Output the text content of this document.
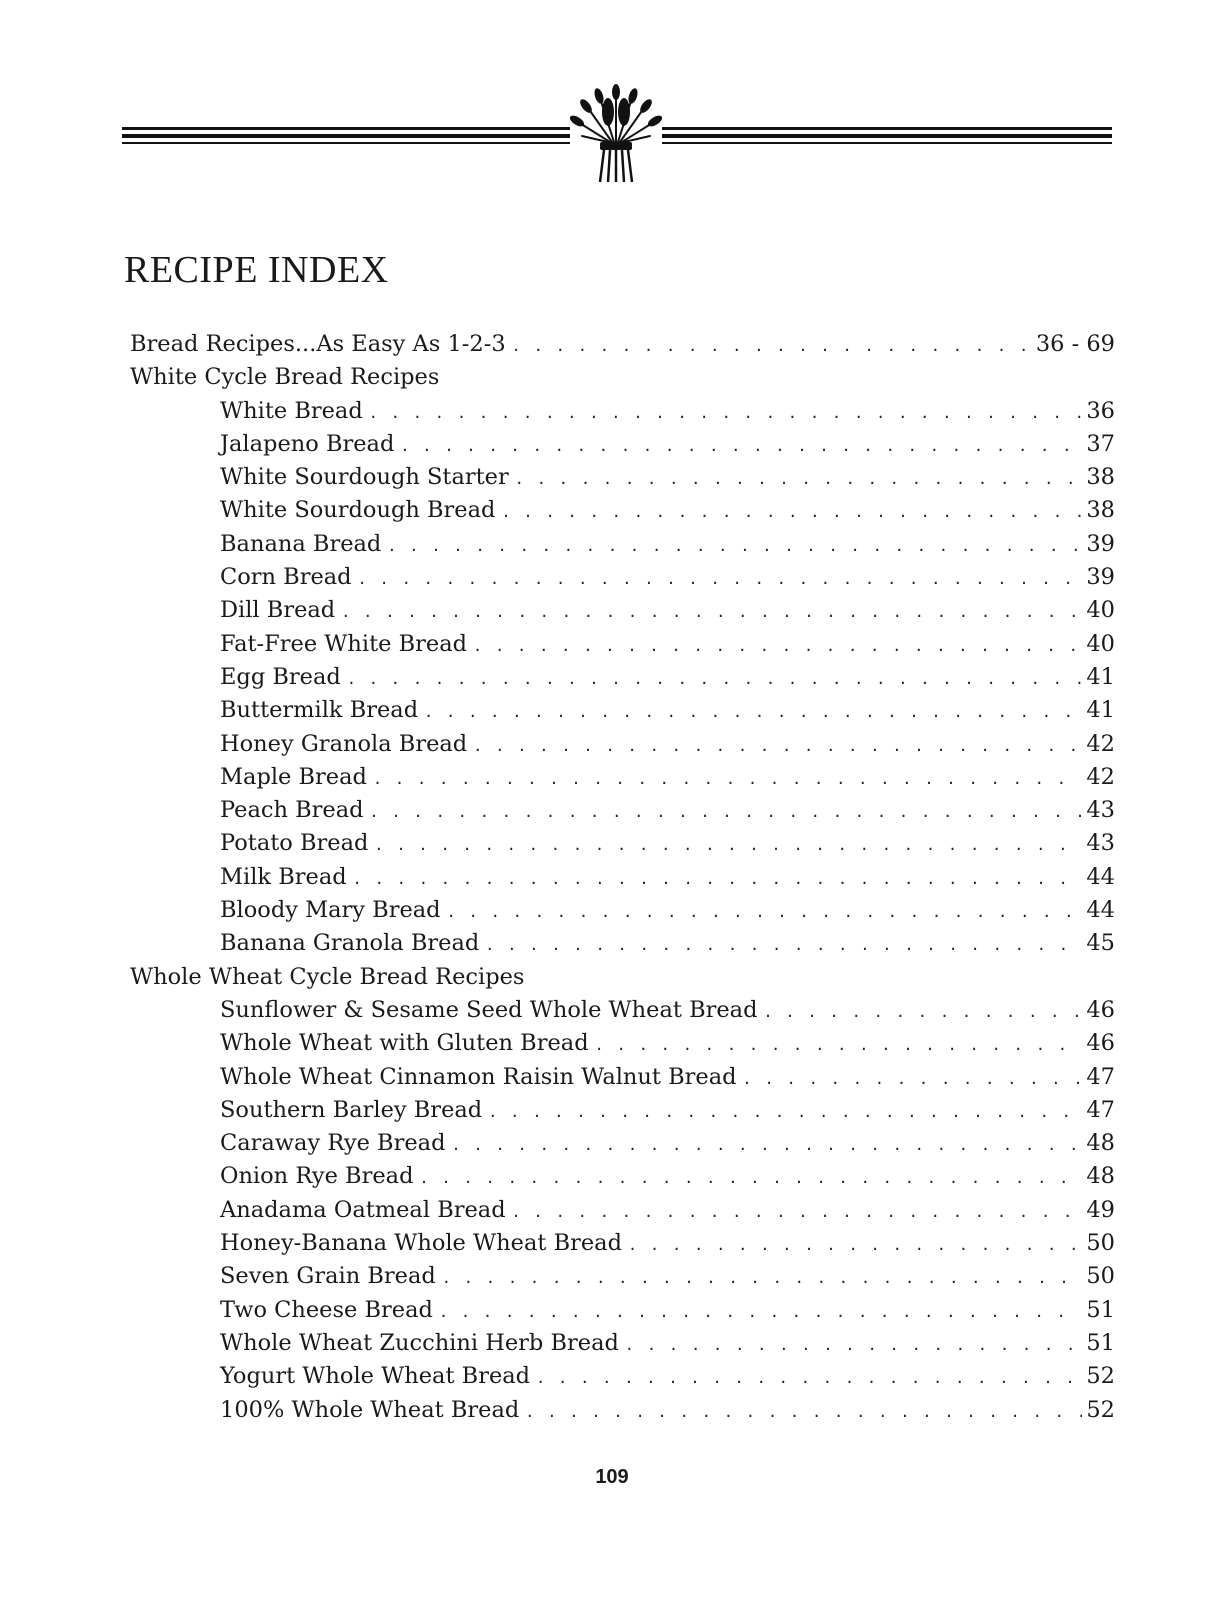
RECIPE INDEX
Bread Recipes...As Easy As 1-2-3 . . .	36 - 69
White Cycle Bread Recipes
White Bread . . .	36
Jalapeno Bread . . .	37
White Sourdough Starter . . .	38
White Sourdough Bread . . .	38
Banana Bread . . .	39
Corn Bread . . .	39
Dill Bread . . .	40
Fat-Free White Bread . . .	40
Egg Bread . . .	41
Buttermilk Bread . . .	41
Honey Granola Bread . . .	42
Maple Bread . . .	42
Peach Bread . . .	43
Potato Bread . . .	43
Milk Bread . . .	44
Bloody Mary Bread . . .	44
Banana Granola Bread . . .	45
Whole Wheat Cycle Bread Recipes
Sunflower & Sesame Seed Whole Wheat Bread . . .	46
Whole Wheat with Gluten Bread . . .	46
Whole Wheat Cinnamon Raisin Walnut Bread . . .	47
Southern Barley Bread . . .	47
Caraway Rye Bread . . .	48
Onion Rye Bread . . .	48
Anadama Oatmeal Bread . . .	49
Honey-Banana Whole Wheat Bread . . .	50
Seven Grain Bread . . .	50
Two Cheese Bread . . .	51
Whole Wheat Zucchini Herb Bread . . .	51
Yogurt Whole Wheat Bread . . .	52
100% Whole Wheat Bread . . .	52
109
